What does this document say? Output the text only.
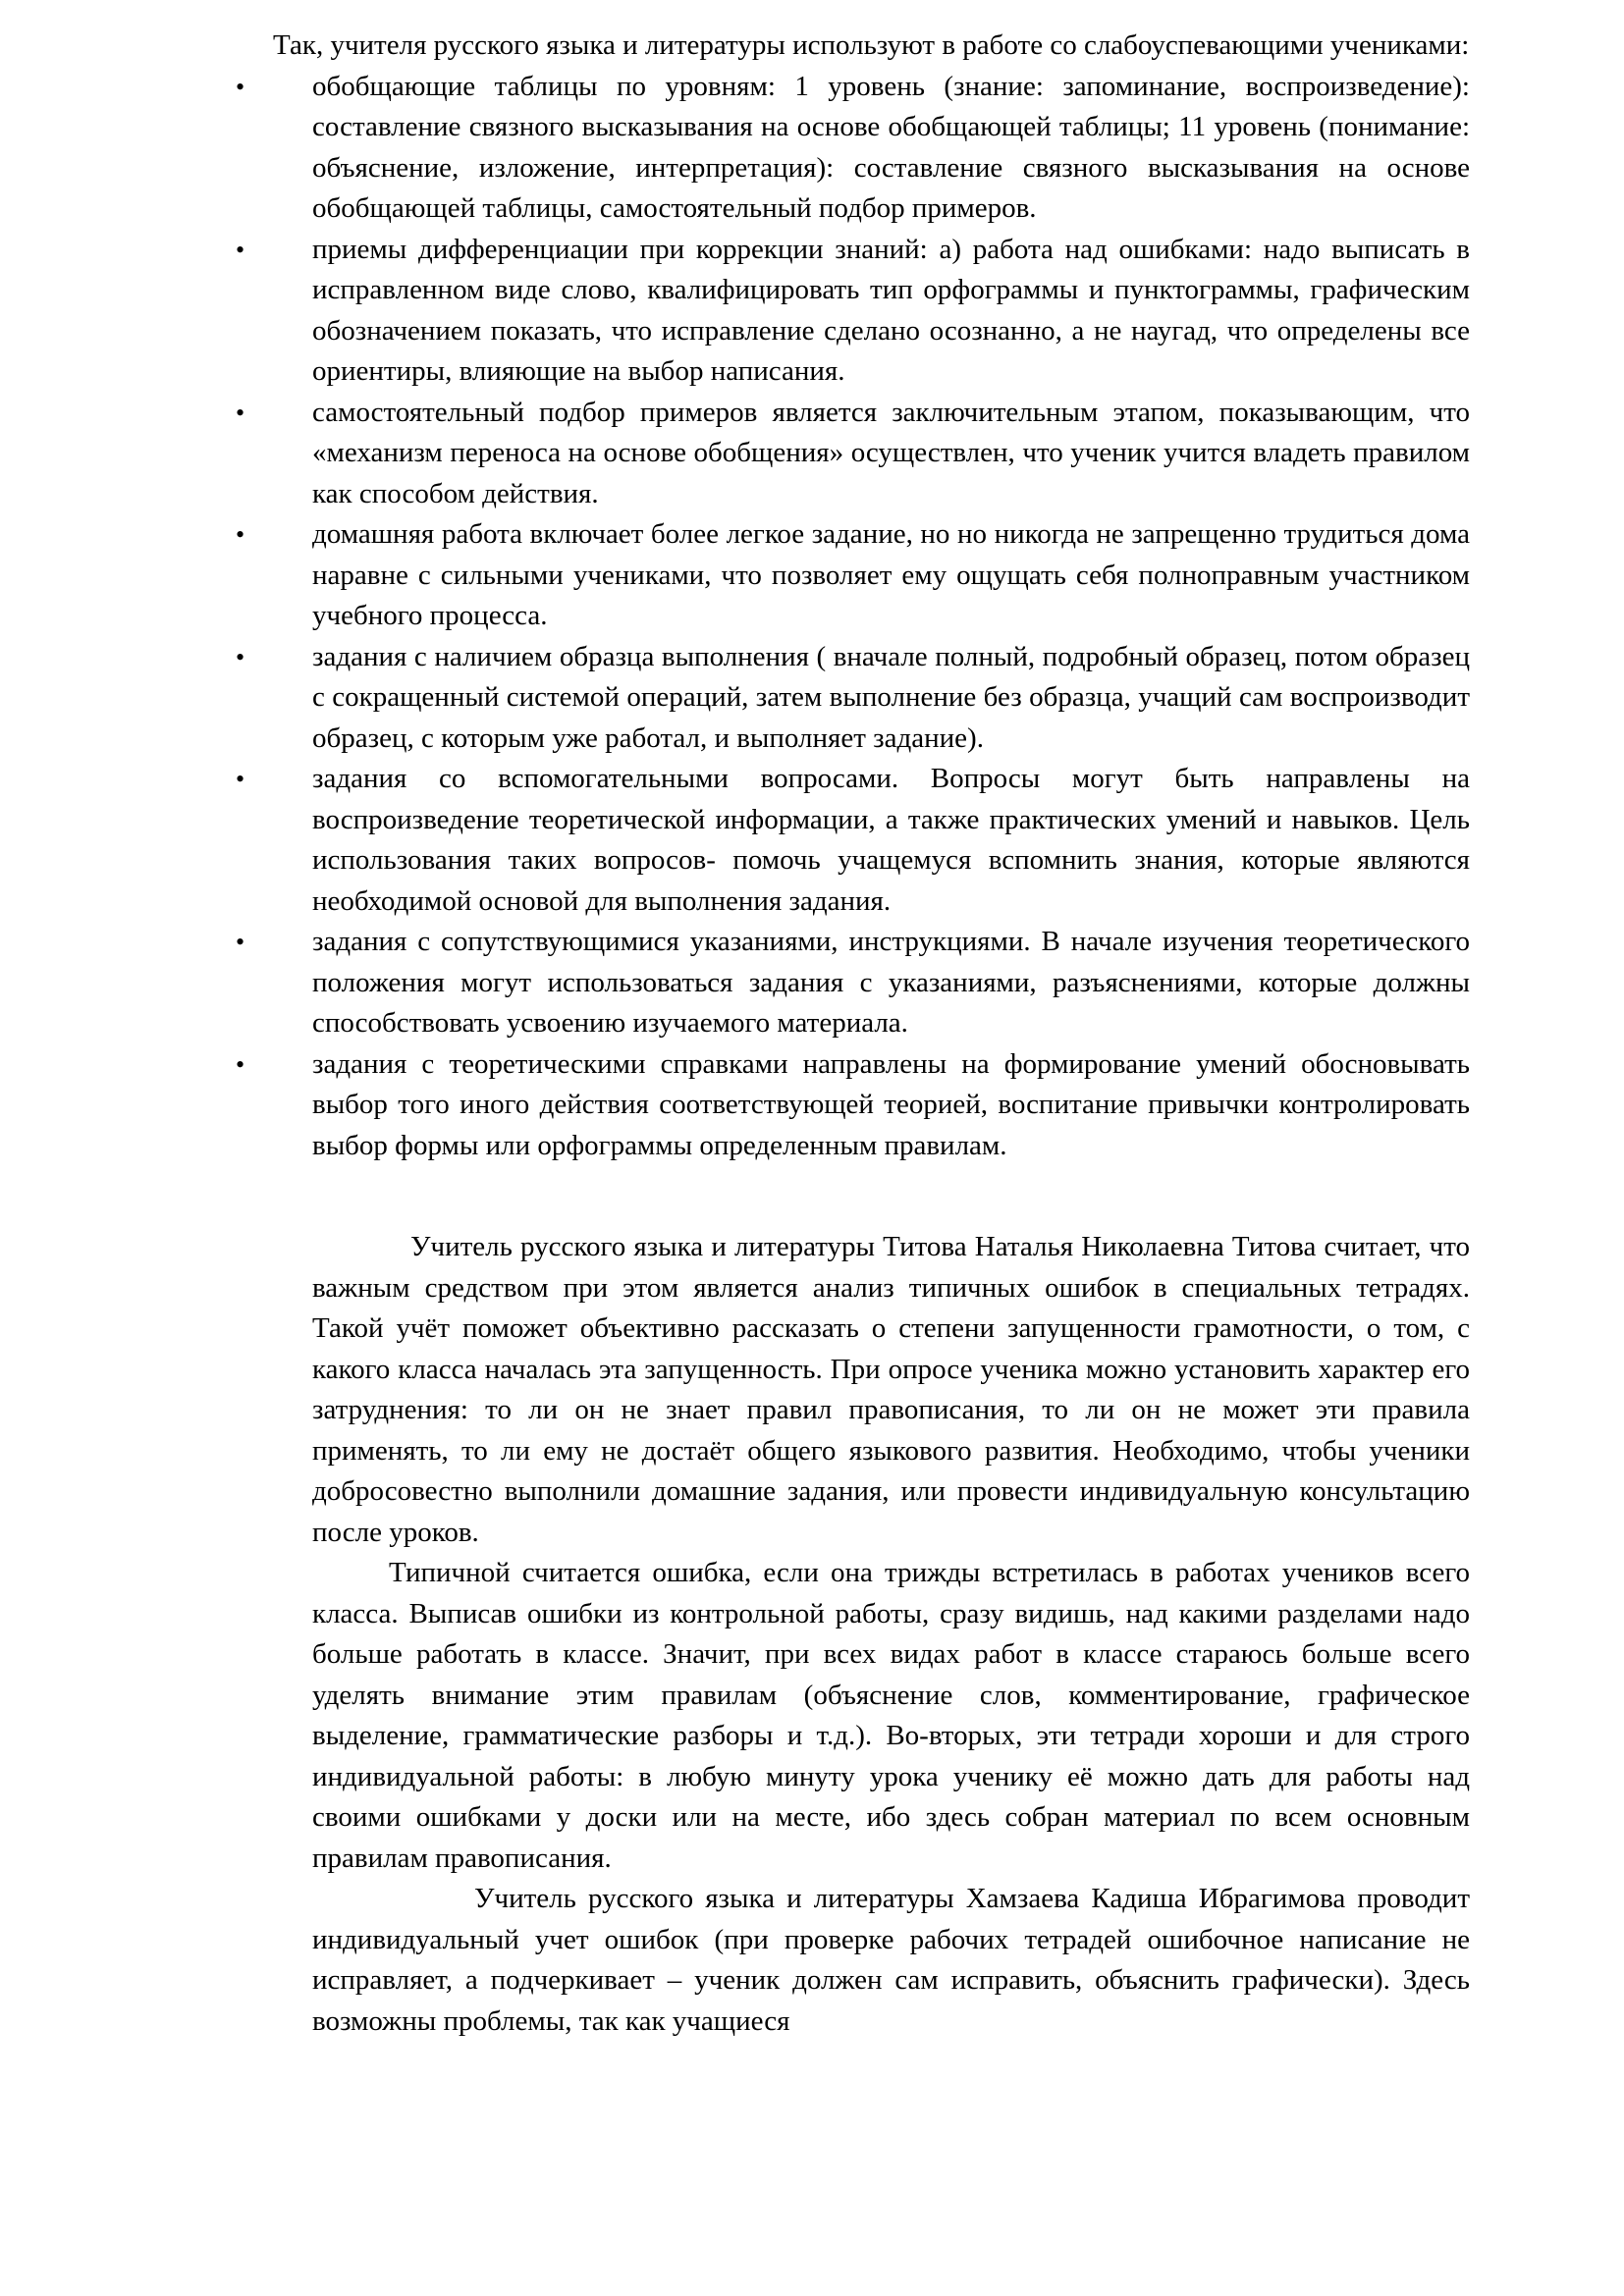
Так, учителя русского языка и литературы используют в работе со слабоуспевающими учениками:

• обобщающие таблицы по уровням: 1 уровень (знание: запоминание, воспроизведение): составление связного высказывания на основе обобщающей таблицы; 11 уровень (понимание: объяснение, изложение, интерпретация): составление связного высказывания на основе обобщающей таблицы, самостоятельный подбор примеров.
• приемы дифференциации при коррекции знаний: а) работа над ошибками: надо выписать в исправленном виде слово, квалифицировать тип орфограммы и пунктограммы, графическим обозначением показать, что исправление сделано осознанно, а не наугад, что определены все ориентиры, влияющие на выбор написания.
• самостоятельный подбор примеров является заключительным этапом, показывающим, что «механизм переноса на основе обобщения» осуществлен, что ученик учится владеть правилом как способом действия.
• домашняя работа включает более легкое задание, но но никогда не запрещенно трудиться дома наравне с сильными учениками, что позволяет ему ощущать себя полноправным участником учебного процесса.
• задания с наличием образца выполнения ( вначале полный, подробный образец, потом образец с сокращенный системой операций, затем выполнение без образца, учащий сам воспроизводит образец, с которым уже работал, и выполняет задание).
• задания со вспомогательными вопросами. Вопросы могут быть направлены на воспроизведение теоретической информации, а также практических умений и навыков. Цель использования таких вопросов- помочь учащемуся вспомнить знания, которые являются необходимой основой для выполнения задания.
• задания с сопутствующимися указаниями, инструкциями. В начале изучения теоретического положения могут использоваться задания с указаниями, разъяснениями, которые должны способствовать усвоению изучаемого материала.
• задания с теоретическими справками направлены на формирование умений обосновывать выбор того иного действия соответствующей теорией, воспитание привычки контролировать выбор формы или орфограммы определенным правилам.

Учитель русского языка и литературы Титова Наталья Николаевна Титова считает, что важным средством при этом является анализ типичных ошибок в специальных тетрадях. Такой учёт поможет объективно рассказать о степени запущенности грамотности, о том, с какого класса началась эта запущенность. При опросе ученика можно установить характер его затруднения: то ли он не знает правил правописания, то ли он не может эти правила применять, то ли ему не достаёт общего языкового развития. Необходимо, чтобы ученики добросовестно выполнили домашние задания, или провести индивидуальную консультацию после уроков.

Типичной считается ошибка, если она трижды встретилась в работах учеников всего класса. Выписав ошибки из контрольной работы, сразу видишь, над какими разделами надо больше работать в классе. Значит, при всех видах работ в классе стараюсь больше всего уделять внимание этим правилам (объяснение слов, комментирование, графическое выделение, грамматические разборы и т.д.). Во-вторых, эти тетради хороши и для строго индивидуальной работы: в любую минуту урока ученику её можно дать для работы над своими ошибками у доски или на месте, ибо здесь собран материал по всем основным правилам правописания.

Учитель русского языка и литературы Хамзаева Кадиша Ибрагимова проводит индивидуальный учет ошибок (при проверке рабочих тетрадей ошибочное написание не исправляет, а подчеркивает – ученик должен сам исправить, объяснить графически). Здесь возможны проблемы, так как учащиеся
